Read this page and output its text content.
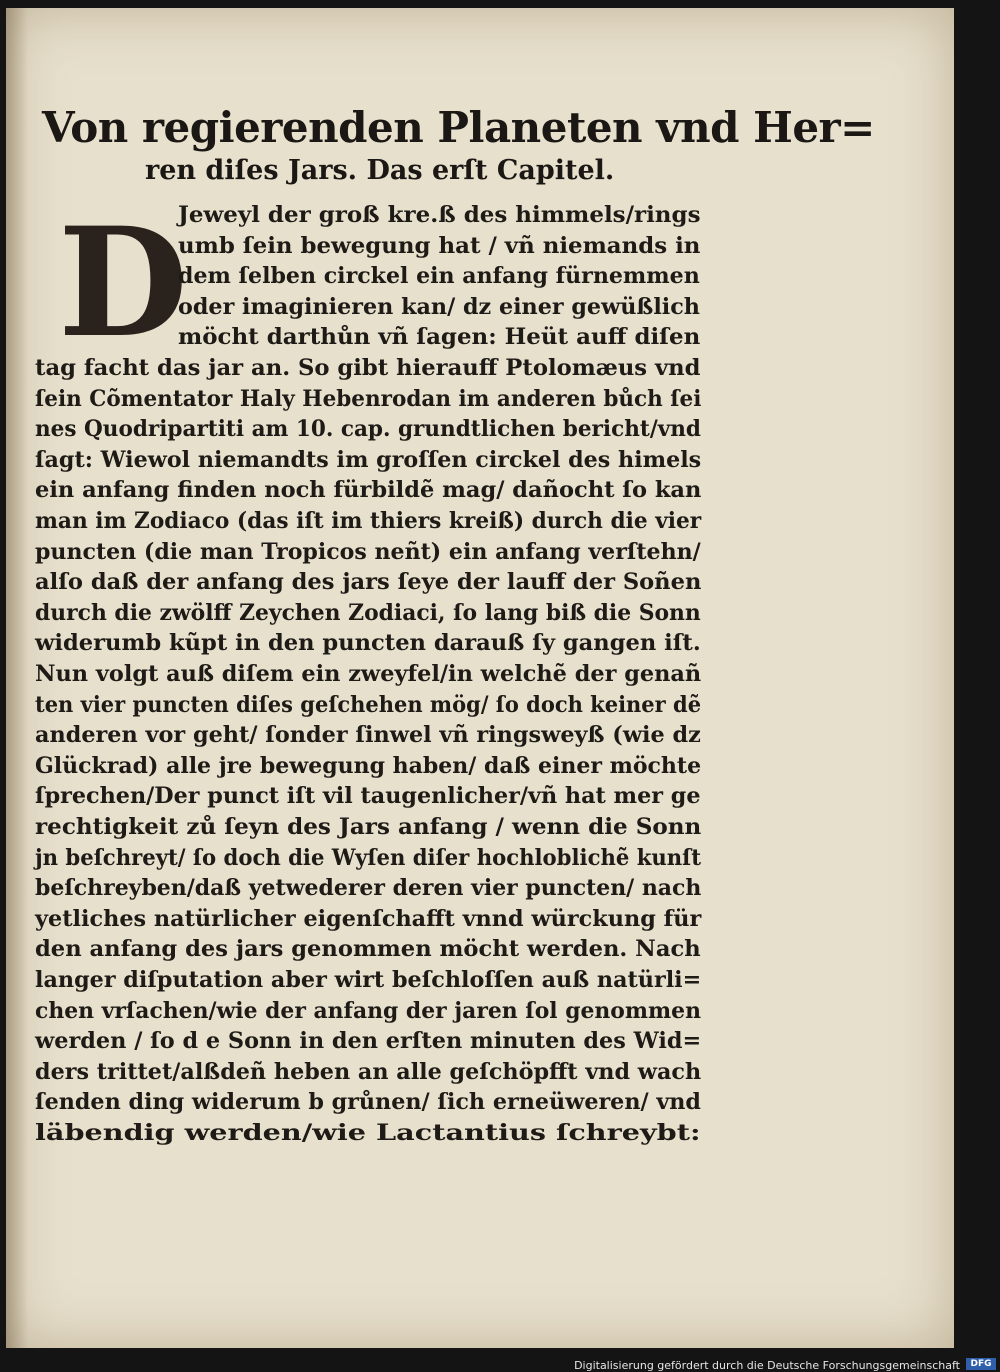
Von regierenden Planeten vnd Her=
ren diſes Jars. Das erſt Capitel.
D
Jeweyl der groß kre.ß des himmels/rings
umb ſein bewegung hat / vñ niemands in
dem ſelben circkel ein anfang fürnemmen
oder imaginieren kan/ dz einer gewüßlich
möcht darthůn vñ ſagen: Heüt auff diſen
tag facht das jar an. So gibt hierauff Ptolomæus vnd
ſein Cõmentator Haly Hebenrodan im anderen bůch ſei
nes Quodripartiti am 10. cap. grundtlichen bericht/vnd
ſagt: Wiewol niemandts im groſſen circkel des himels
ein anfang finden noch fürbildẽ mag/ dañocht ſo kan
man im Zodiaco (das iſt im thiers kreiß) durch die vier
puncten (die man Tropicos neñt) ein anfang verſtehn/
alſo daß der anfang des jars ſeye der lauff der Soñen
durch die zwölff Zeychen Zodiaci, ſo lang biß die Sonn
widerumb kũpt in den puncten darauß ſy gangen iſt.
Nun volgt auß diſem ein zweyfel/in welchẽ der genañ
ten vier puncten diſes geſchehen mög/ ſo doch keiner dẽ
anderen vor geht/ ſonder ſinwel vñ ringsweyß (wie dz
Glückrad) alle jre bewegung haben/ daß einer möchte
ſprechen/Der punct iſt vil taugenlicher/vñ hat mer ge
rechtigkeit zů ſeyn des Jars anfang / wenn die Sonn
jn beſchreyt/ ſo doch die Wyſen diſer hochloblichẽ kunſt
beſchreyben/daß yetwederer deren vier puncten/ nach
yetliches natürlicher eigenſchafft vnnd würckung für
den anfang des jars genommen möcht werden. Nach
langer diſputation aber wirt beſchloſſen auß natürli=
chen vrſachen/wie der anfang der jaren ſol genommen
werden / ſo d e Sonn in den erſten minuten des Wid=
ders trittet/alßdeñ heben an alle geſchöpfft vnd wach
ſenden ding widerum b grůnen/ ſich erneüweren/ vnd
läbendig werden/wie Lactantius ſchreybt:
Digitalisierung gefördert durch die Deutsche Forschungsgemeinschaft	DFG
